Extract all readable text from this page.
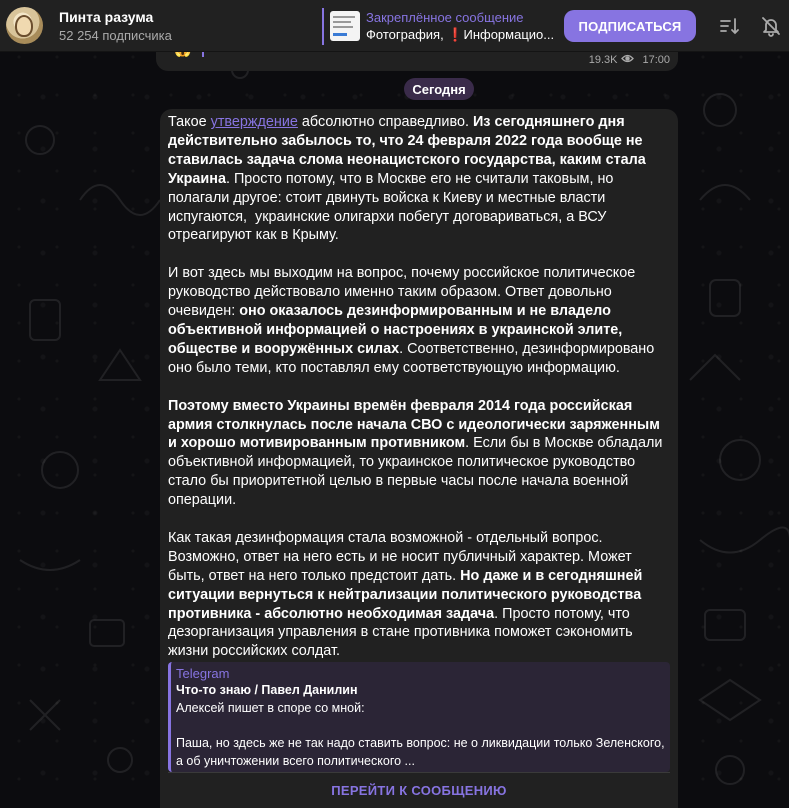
Пинта разума
52 254 подписчика
Закреплённое сообщение
Фотография, ❗Информацио...
ПОДПИСАТЬСЯ
19.3K 17:00
Сегодня
Такое утверждение абсолютно справедливо. Из сегодняшнего дня действительно забылось то, что 24 февраля 2022 года вообще не ставилась задача слома неонацистского государства, каким стала Украина. Просто потому, что в Москве его не считали таковым, но полагали другое: стоит двинуть войска к Киеву и местные власти испугаются,  украинские олигархи побегут договариваться, а ВСУ отреагируют как в Крыму.

И вот здесь мы выходим на вопрос, почему российское политическое руководство действовало именно таким образом. Ответ довольно очевиден: оно оказалось дезинформированным и не владело объективной информацией о настроениях в украинской элите, обществе и вооружённых силах. Соответственно, дезинформировано оно было теми, кто поставлял ему соответствующую информацию.

Поэтому вместо Украины времён февраля 2014 года российская армия столкнулась после начала СВО с идеологически заряженным и хорошо мотивированным противником. Если бы в Москве обладали объективной информацией, то украинское политическое руководство стало бы приоритетной целью в первые часы после начала военной операции.

Как такая дезинформация стала возможной - отдельный вопрос. Возможно, ответ на него есть и не носит публичный характер. Может быть, ответ на него только предстоит дать. Но даже и в сегодняшней ситуации вернуться к нейтрализации политического руководства противника - абсолютно необходимая задача. Просто потому, что дезорганизация управления в стане противника поможет сэкономить жизни российских солдат.
Telegram
Что-то знаю / Павел Данилин
Алексей пишет в споре со мной:

Паша, но здесь же не так надо ставить вопрос: не о ликвидации только Зеленского, а об уничтожении всего политического ...
ПЕРЕЙТИ К СООБЩЕНИЮ
